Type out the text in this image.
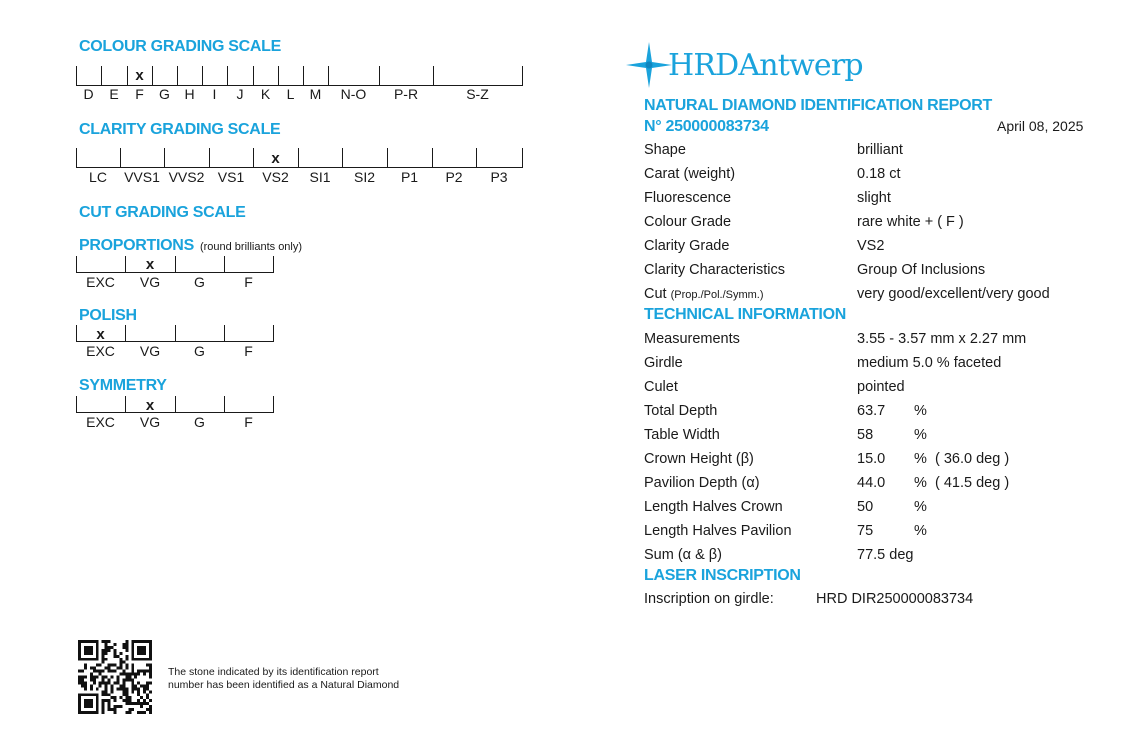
COLOUR GRADING SCALE
D E F
x
G H I J K L M N-O P-R	S-Z
CLARITY GRADING SCALE
LC VVS1 VVS2 VS1 VS2
x
SI1 SI2 P1 P2 P3
CUT GRADING SCALE
PROPORTIONS (round brilliants only)
EXC VG
x
G	F
POLISH
EXC
x
VG G	F
SYMMETRY
EXC VG
x
G	F
HRDAntwerp
NATURAL DIAMOND IDENTIFICATION REPORT
N° 250000083734	April 08, 2025
Shape	brilliant
Carat (weight)	0.18 ct
Fluorescence	slight
Colour Grade	rare white + ( F )
Clarity Grade	VS2
Clarity Characteristics	Group Of Inclusions
Cut (Prop./Pol./Symm.)	very good/excellent/very good
TECHNICAL INFORMATION
Measurements	3.55 - 3.57 mm x 2.27 mm
Girdle	medium 5.0 % faceted
Culet	pointed
Total Depth	63.7 %
Table Width	58	%
Crown Height (β)	15.0 % ( 36.0 deg )
Pavilion Depth (α)	44.0 % ( 41.5 deg )
Length Halves Crown	50	%
Length Halves Pavilion	75	%
Sum (α & β)	77.5 deg
LASER INSCRIPTION
Inscription on girdle:	HRD DIR250000083734
The stone indicated by its identification report number has been identified as a Natural Diamond
